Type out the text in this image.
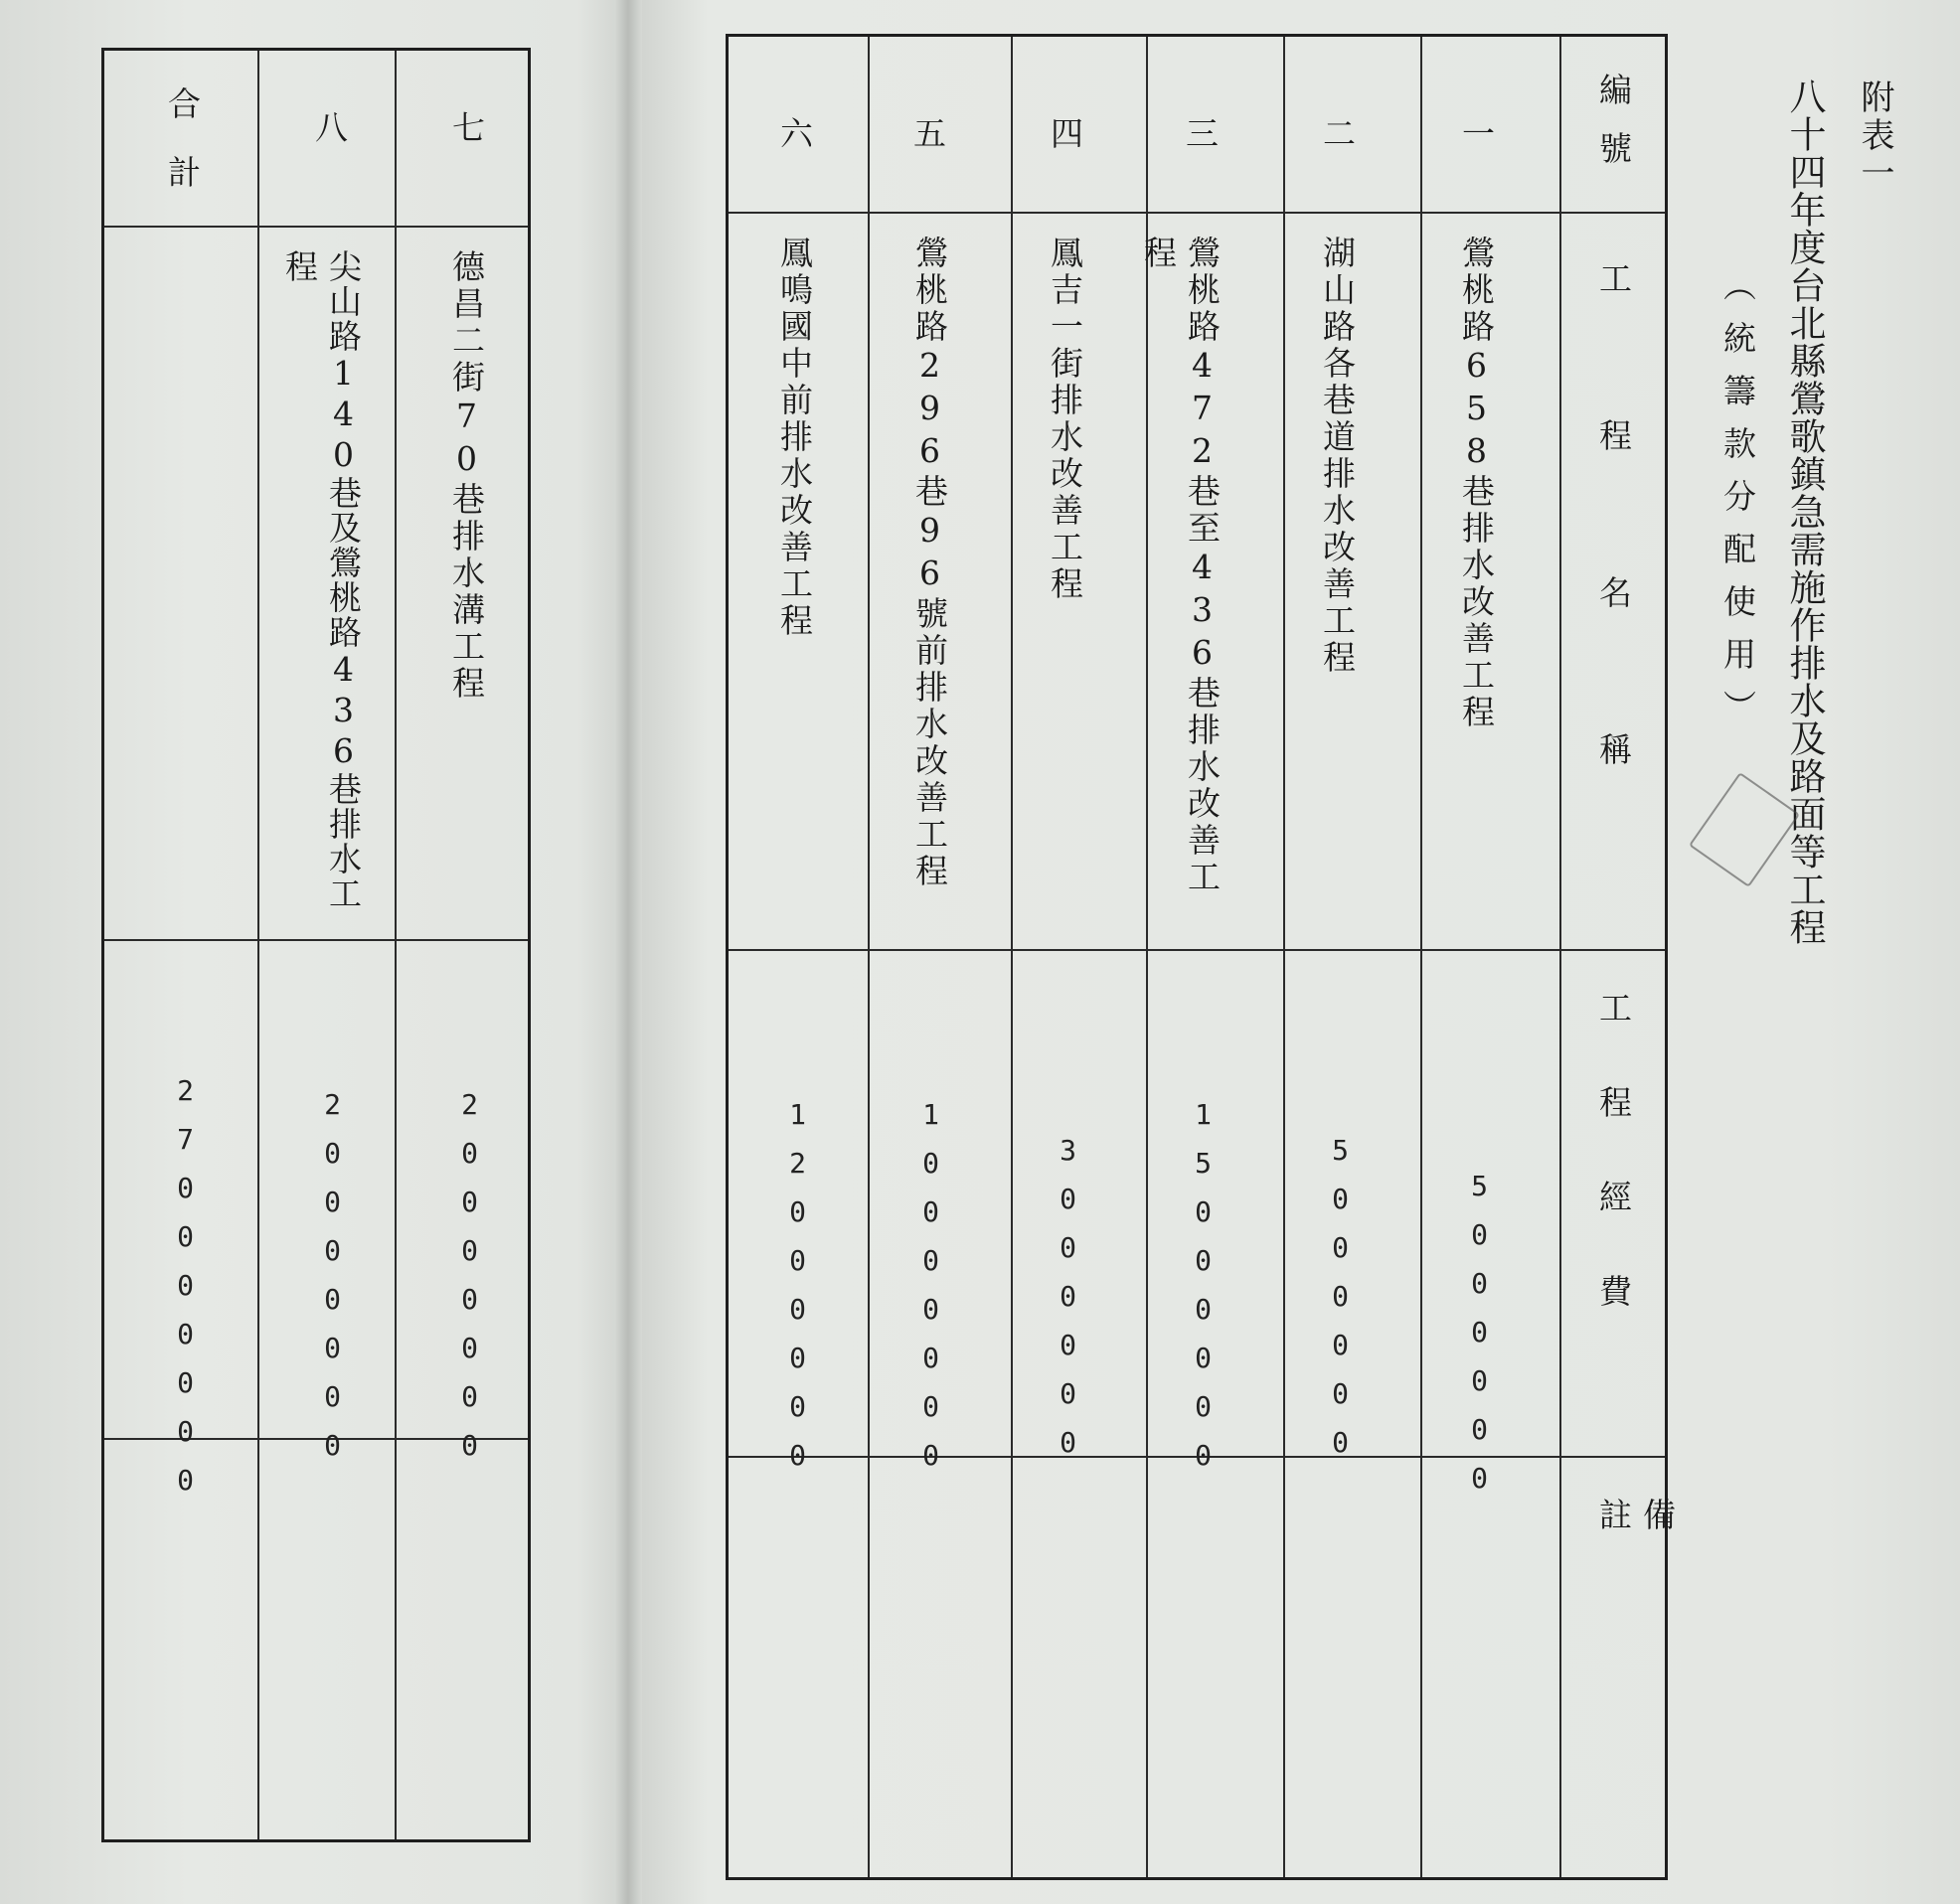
附表一
八十四年度台北縣鶯歌鎮急需施作排水及路面等工程
（統籌款分配使用）
編號
工程名稱
工程經費
備註
一
鶯桃路658巷排水改善工程
5000000
二
湖山路各巷道排水改善工程
5000000
三
鶯桃路472巷至436巷排水改善工程
15000000
四
鳳吉一街排水改善工程
3000000
五
鶯桃路296巷96號前排水改善工程
10000000
六
鳳鳴國中前排水改善工程
12000000
七
德昌二街70巷排水溝工程
20000000
八
尖山路140巷及鶯桃路436巷排水工程
20000000
合計
270000000
